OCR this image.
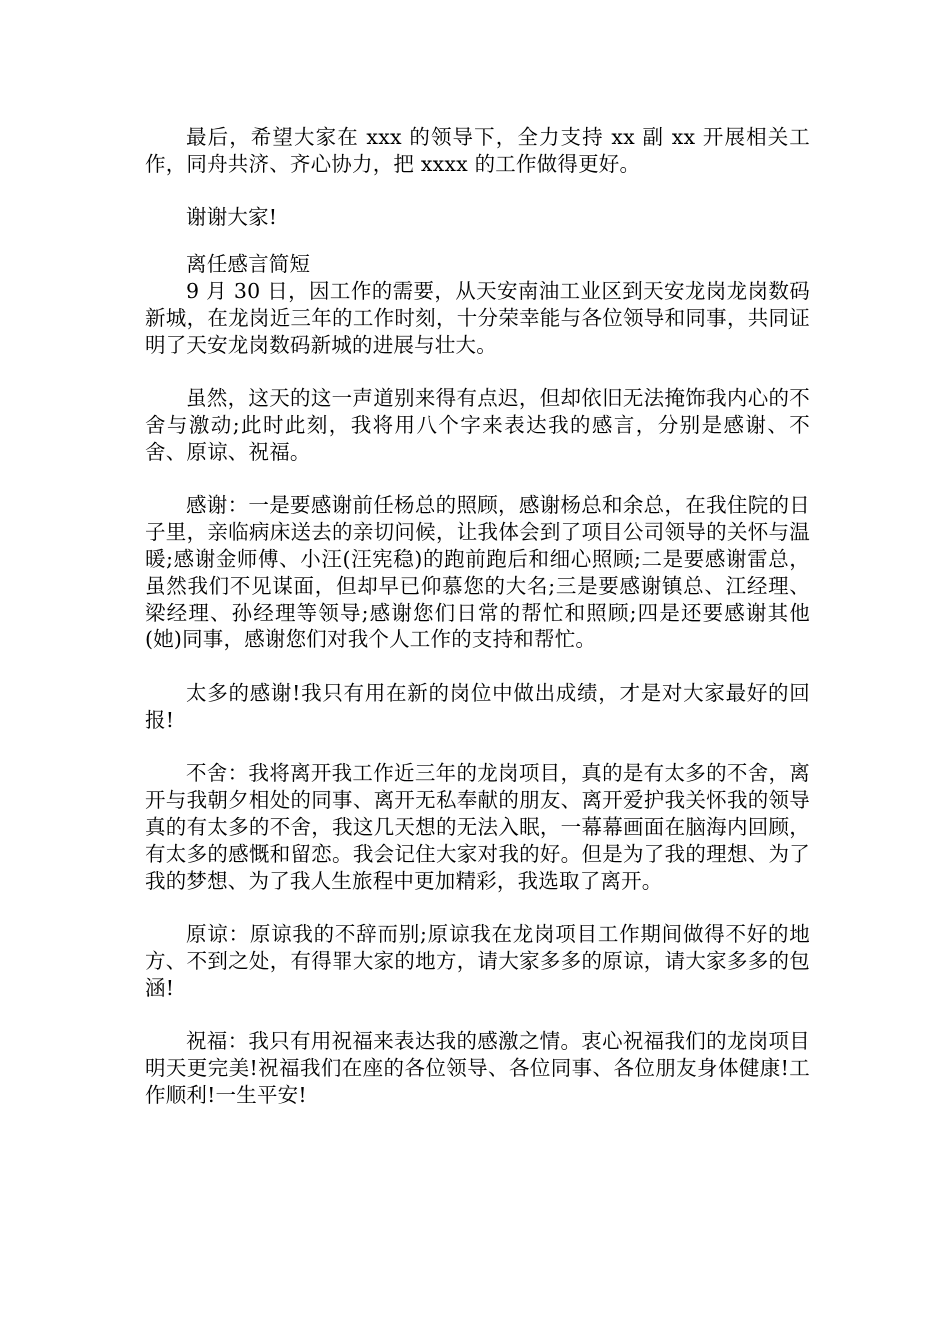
最后，希望大家在 xxx 的领导下，全力支持 xx 副 xx 开展相关工作，同舟共济、齐心协力，把 xxxx 的工作做得更好。

谢谢大家!

离任感言简短

9 月 30 日，因工作的需要，从天安南油工业区到天安龙岗龙岗数码新城，在龙岗近三年的工作时刻，十分荣幸能与各位领导和同事，共同证明了天安龙岗数码新城的进展与壮大。

虽然，这天的这一声道别来得有点迟，但却依旧无法掩饰我内心的不舍与激动;此时此刻，我将用八个字来表达我的感言，分别是感谢、不舍、原谅、祝福。

感谢：一是要感谢前任杨总的照顾，感谢杨总和余总，在我住院的日子里，亲临病床送去的亲切问候，让我体会到了项目公司领导的关怀与温暖;感谢金师傅、小汪(汪宪稳)的跑前跑后和细心照顾;二是要感谢雷总，虽然我们不见谋面，但却早已仰慕您的大名;三是要感谢镇总、江经理、梁经理、孙经理等领导;感谢您们日常的帮忙和照顾;四是还要感谢其他(她)同事，感谢您们对我个人工作的支持和帮忙。

太多的感谢!我只有用在新的岗位中做出成绩，才是对大家最好的回报!

不舍：我将离开我工作近三年的龙岗项目，真的是有太多的不舍，离开与我朝夕相处的同事、离开无私奉献的朋友、离开爱护我关怀我的领导真的有太多的不舍，我这几天想的无法入眠，一幕幕画面在脑海内回顾，有太多的感慨和留恋。我会记住大家对我的好。但是为了我的理想、为了我的梦想、为了我人生旅程中更加精彩，我选取了离开。

原谅：原谅我的不辞而别;原谅我在龙岗项目工作期间做得不好的地方、不到之处，有得罪大家的地方，请大家多多的原谅，请大家多多的包涵!

祝福：我只有用祝福来表达我的感激之情。衷心祝福我们的龙岗项目明天更完美!祝福我们在座的各位领导、各位同事、各位朋友身体健康!工作顺利!一生平安!
